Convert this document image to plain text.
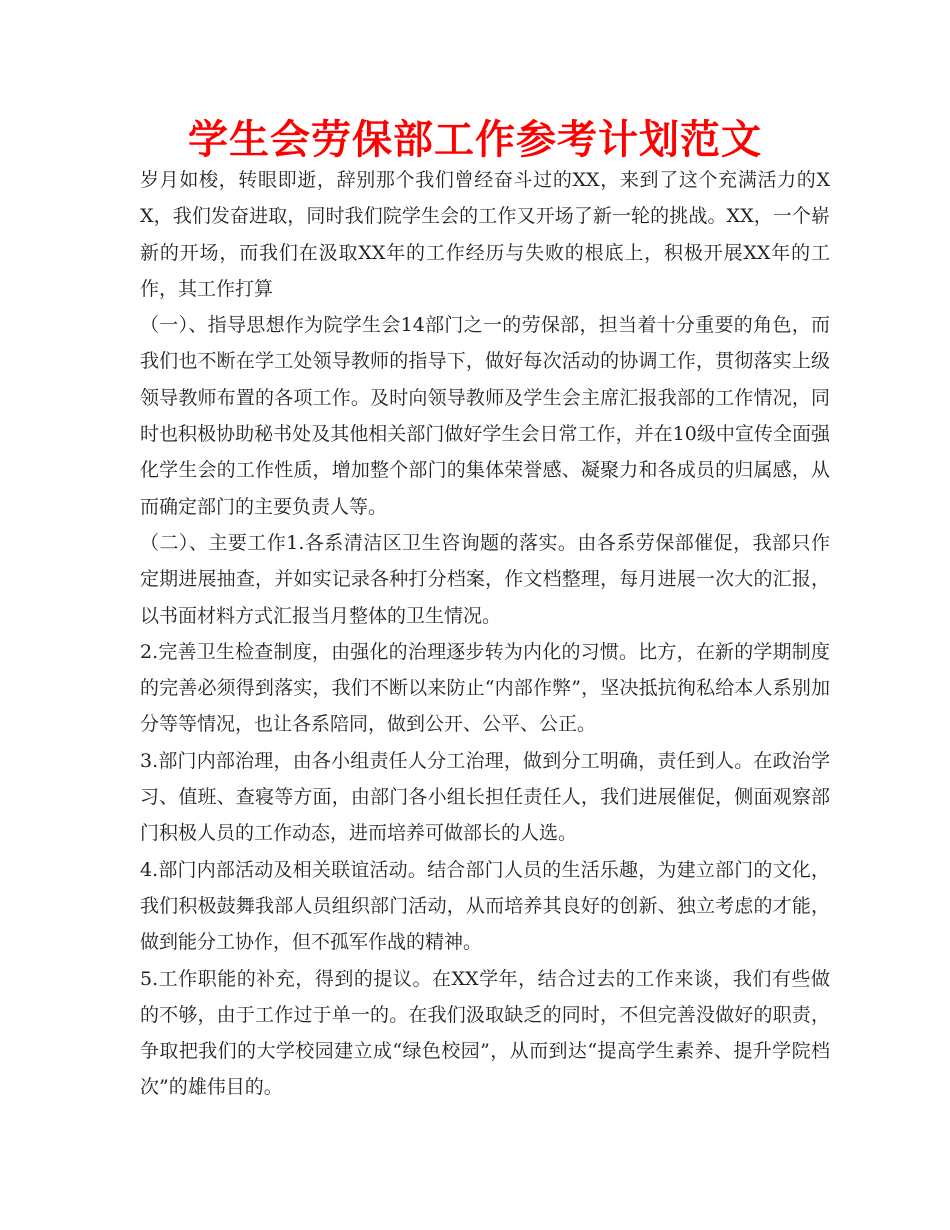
学生会劳保部工作参考计划范文

岁月如梭，转眼即逝，辞别那个我们曾经奋斗过的XX，来到了这个充满活力的XX，我们发奋进取，同时我们院学生会的工作又开场了新一轮的挑战。XX，一个崭新的开场，而我们在汲取XX年的工作经历与失败的根底上，积极开展XX年的工作，其工作打算

（一）、指导思想作为院学生会14部门之一的劳保部，担当着十分重要的角色，而我们也不断在学工处领导教师的指导下，做好每次活动的协调工作，贯彻落实上级领导教师布置的各项工作。及时向领导教师及学生会主席汇报我部的工作情况，同时也积极协助秘书处及其他相关部门做好学生会日常工作，并在10级中宣传全面强化学生会的工作性质，增加整个部门的集体荣誉感、凝聚力和各成员的归属感，从而确定部门的主要负责人等。

（二）、主要工作1.各系清洁区卫生咨询题的落实。由各系劳保部催促，我部只作定期进展抽查，并如实记录各种打分档案，作文档整理，每月进展一次大的汇报，以书面材料方式汇报当月整体的卫生情况。

2.完善卫生检查制度，由强化的治理逐步转为内化的习惯。比方，在新的学期制度的完善必须得到落实，我们不断以来防止“内部作弊”，坚决抵抗徇私给本人系别加分等等情况，也让各系陪同，做到公开、公平、公正。

3.部门内部治理，由各小组责任人分工治理，做到分工明确，责任到人。在政治学习、值班、查寝等方面，由部门各小组长担任责任人，我们进展催促，侧面观察部门积极人员的工作动态，进而培养可做部长的人选。

4.部门内部活动及相关联谊活动。结合部门人员的生活乐趣，为建立部门的文化，我们积极鼓舞我部人员组织部门活动，从而培养其良好的创新、独立考虑的才能，做到能分工协作，但不孤军作战的精神。

5.工作职能的补充，得到的提议。在XX学年，结合过去的工作来谈，我们有些做的不够，由于工作过于单一的。在我们汲取缺乏的同时，不但完善没做好的职责，争取把我们的大学校园建立成“绿色校园”，从而到达“提高学生素养、提升学院档次”的雄伟目的。
